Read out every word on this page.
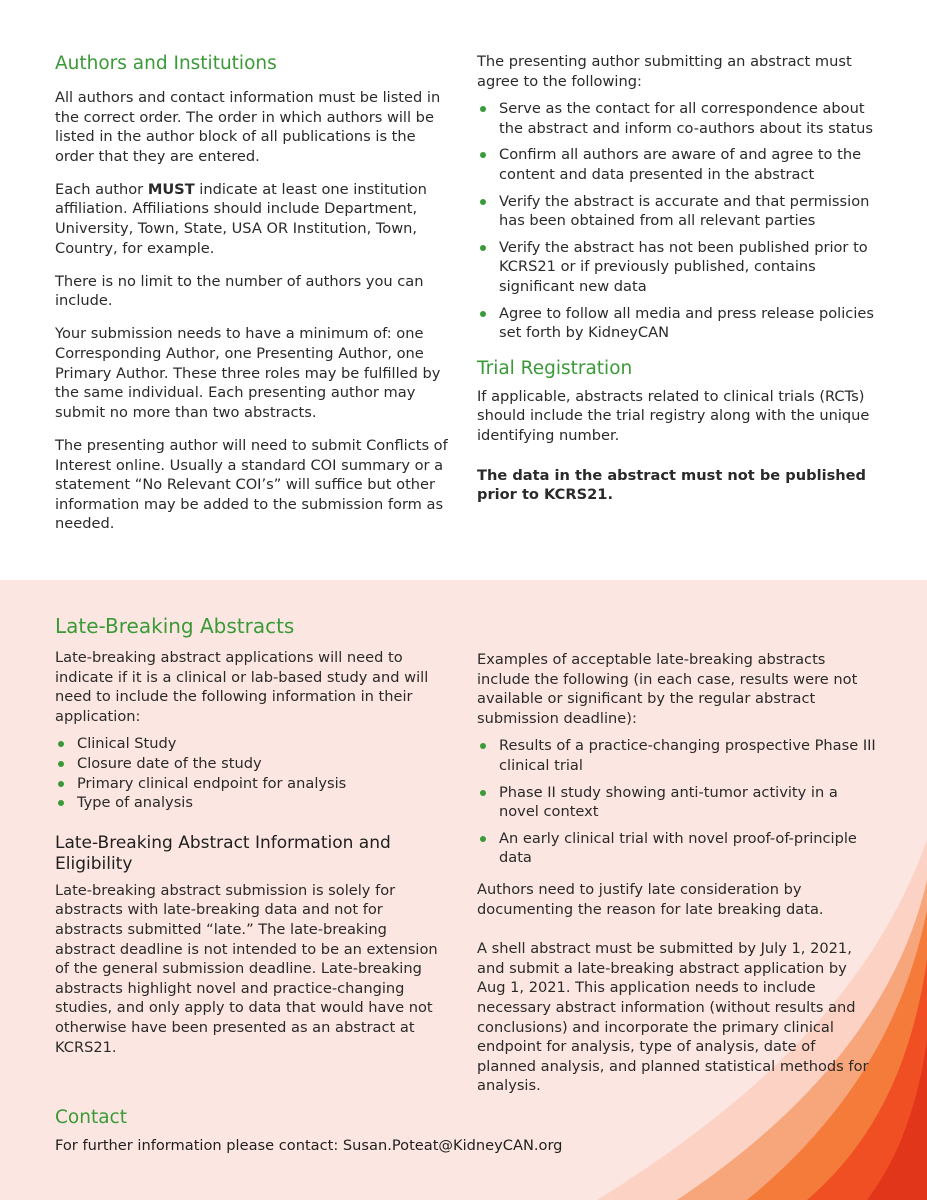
Authors and Institutions

All authors and contact information must be listed in the correct order. The order in which authors will be listed in the author block of all publications is the order that they are entered.

Each author MUST indicate at least one institution affiliation. Affiliations should include Department, University, Town, State, USA OR Institution, Town, Country, for example.

There is no limit to the number of authors you can include.

Your submission needs to have a minimum of: one Corresponding Author, one Presenting Author, one Primary Author. These three roles may be fulfilled by the same individual. Each presenting author may submit no more than two abstracts.

The presenting author will need to submit Conflicts of Interest online. Usually a standard COI summary or a statement “No Relevant COI’s” will suffice but other information may be added to the submission form as needed.

The presenting author submitting an abstract must agree to the following:

Serve as the contact for all correspondence about the abstract and inform co-authors about its status
Confirm all authors are aware of and agree to the content and data presented in the abstract
Verify the abstract is accurate and that permission has been obtained from all relevant parties
Verify the abstract has not been published prior to KCRS21 or if previously published, contains significant new data
Agree to follow all media and press release policies set forth by KidneyCAN
Trial Registration

If applicable, abstracts related to clinical trials (RCTs) should include the trial registry along with the unique identifying number.

The data in the abstract must not be published prior to KCRS21.

Late-Breaking Abstracts

Late-breaking abstract applications will need to indicate if it is a clinical or lab-based study and will need to include the following information in their application:

Clinical Study
Closure date of the study
Primary clinical endpoint for analysis
Type of analysis
Late-Breaking Abstract Information and Eligibility

Late-breaking abstract submission is solely for abstracts with late-breaking data and not for abstracts submitted “late.” The late-breaking abstract deadline is not intended to be an extension of the general submission deadline. Late-breaking abstracts highlight novel and practice-changing studies, and only apply to data that would have not otherwise have been presented as an abstract at KCRS21.

Examples of acceptable late-breaking abstracts include the following (in each case, results were not available or significant by the regular abstract submission deadline):

Results of a practice-changing prospective Phase III clinical trial
Phase II study showing anti-tumor activity in a novel context
An early clinical trial with novel proof-of-principle data

Authors need to justify late consideration by documenting the reason for late breaking data.

A shell abstract must be submitted by July 1, 2021, and submit a late-breaking abstract application by Aug 1, 2021. This application needs to include necessary abstract information (without results and conclusions) and incorporate the primary clinical endpoint for analysis, type of analysis, date of planned analysis, and planned statistical methods for analysis.

Contact
For further information please contact: Susan.Poteat@KidneyCAN.org
